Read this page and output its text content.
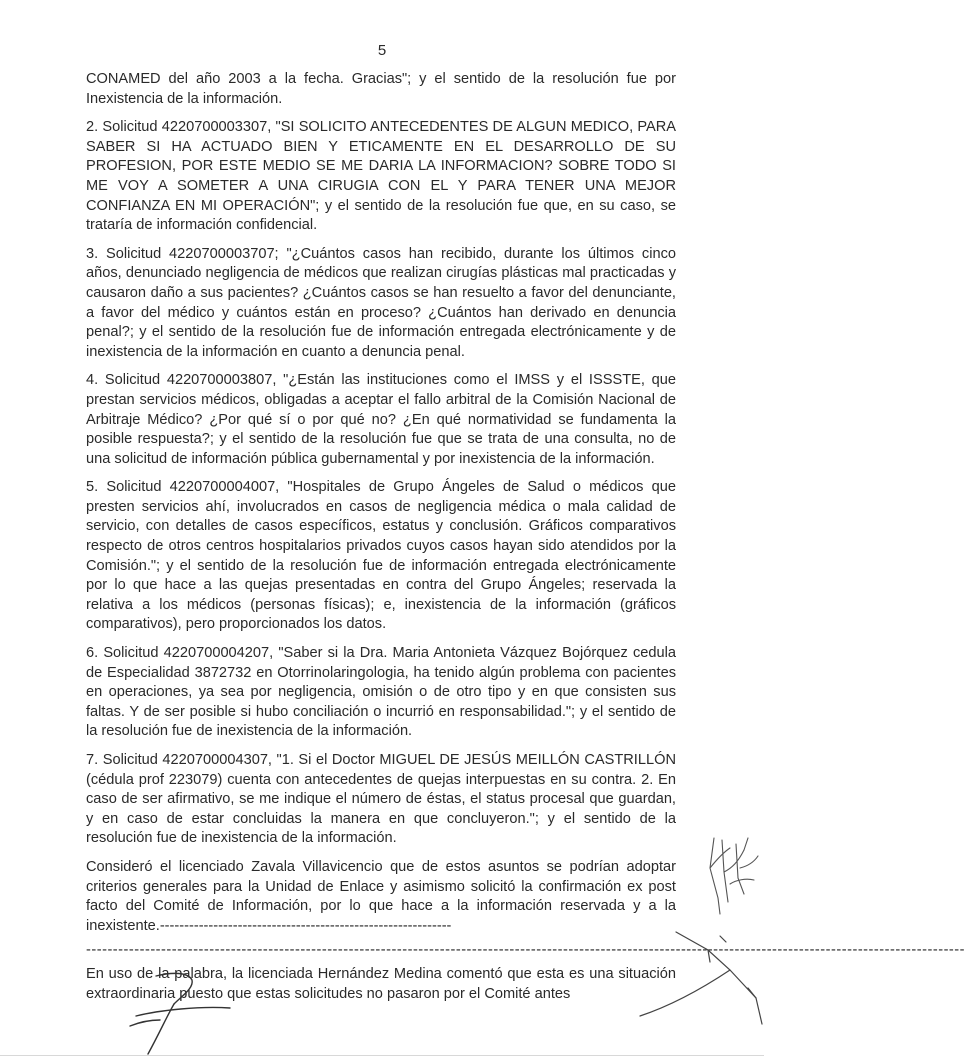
5

CONAMED del año 2003 a la fecha. Gracias"; y el sentido de la resolución fue por Inexistencia de la información.

2. Solicitud 4220700003307, "SI SOLICITO ANTECEDENTES DE ALGUN MEDICO, PARA SABER SI HA ACTUADO BIEN Y ETICAMENTE EN EL DESARROLLO DE SU PROFESION, POR ESTE MEDIO SE ME DARIA LA INFORMACION? SOBRE TODO SI ME VOY A SOMETER A UNA CIRUGIA CON EL Y PARA TENER UNA MEJOR CONFIANZA EN MI OPERACIÓN"; y el sentido de la resolución fue que, en su caso, se trataría de información confidencial.

3. Solicitud 4220700003707; "¿Cuántos casos han recibido, durante los últimos cinco años, denunciado negligencia de médicos que realizan cirugías plásticas mal practicadas y causaron daño a sus pacientes? ¿Cuántos casos se han resuelto a favor del denunciante, a favor del médico y cuántos están en proceso? ¿Cuántos han derivado en denuncia penal?; y el sentido de la resolución fue de información entregada electrónicamente y de inexistencia de la información en cuanto a denuncia penal.

4. Solicitud 4220700003807, "¿Están las instituciones como el IMSS y el ISSSTE, que prestan servicios médicos, obligadas a aceptar el fallo arbitral de la Comisión Nacional de Arbitraje Médico? ¿Por qué sí o por qué no? ¿En qué normatividad se fundamenta la posible respuesta?; y el sentido de la resolución fue que se trata de una consulta, no de una solicitud de información pública gubernamental y por inexistencia de la información.

5. Solicitud 4220700004007, "Hospitales de Grupo Ángeles de Salud o médicos que presten servicios ahí, involucrados en casos de negligencia médica o mala calidad de servicio, con detalles de casos específicos, estatus y conclusión. Gráficos comparativos respecto de otros centros hospitalarios privados cuyos casos hayan sido atendidos por la Comisión."; y el sentido de la resolución fue de información entregada electrónicamente por lo que hace a las quejas presentadas en contra del Grupo Ángeles; reservada la relativa a los médicos (personas físicas); e, inexistencia de la información (gráficos comparativos), pero proporcionados los datos.

6. Solicitud 4220700004207, "Saber si la Dra. Maria Antonieta Vázquez Bojórquez cedula de Especialidad 3872732 en Otorrinolaringologia, ha tenido algún problema con pacientes en operaciones, ya sea por negligencia, omisión o de otro tipo y en que consisten sus faltas. Y de ser posible si hubo conciliación o incurrió en responsabilidad."; y el sentido de la resolución fue de inexistencia de la información.

7. Solicitud 4220700004307, "1. Si el Doctor MIGUEL DE JESÚS MEILLÓN CASTRILLÓN (cédula prof 223079) cuenta con antecedentes de quejas interpuestas en su contra. 2. En caso de ser afirmativo, se me indique el número de éstas, el status procesal que guardan, y en caso de estar concluidas la manera en que concluyeron."; y el sentido de la resolución fue de inexistencia de la información.

Consideró el licenciado Zavala Villavicencio que de estos asuntos se podrían adoptar criterios generales para la Unidad de Enlace y asimismo solicitó la confirmación ex post facto del Comité de Información, por lo que hace a la información reservada y a la inexistente.------------------------------------------------------------

--------------------------------------------------------------------------------------------------------------------------------------------------------------------

En uso de la palabra, la licenciada Hernández Medina comentó que esta es una situación extraordinaria puesto que estas solicitudes no pasaron por el Comité antes
